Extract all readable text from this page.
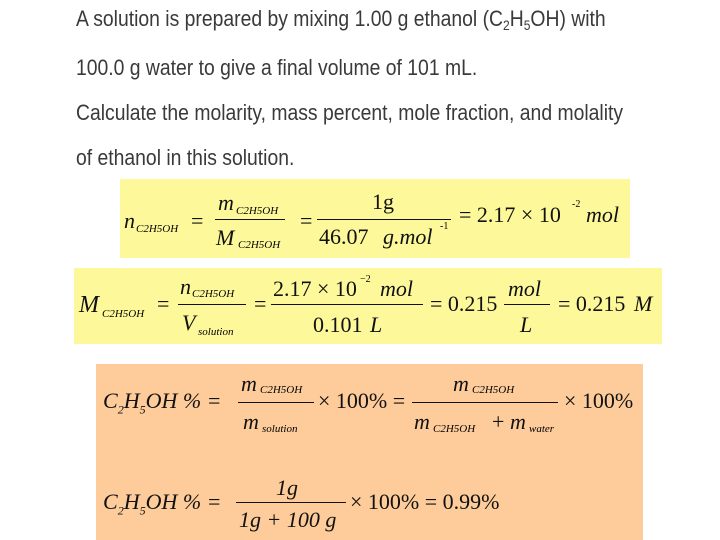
A solution is prepared by mixing 1.00 g ethanol $(C_2H_5OH)$ with
100.0 g water to give a final volume of 101 mL.
Calculate the molarity, mass percent, mole fraction, and molality
of ethanol in this solution.
n C2H5OH =
m C2H5OH
M C2H5OH
=
1g
46.07 g.mol -1 = 2.17 × 10 -2 mol
M C2H5OH =
n C2H5OH
V solution
=
2.17 × 10 −2 mol
0.101 L
= 0.215
mol
L
= 0.215 M
$C_2H_5OH$ % =
m C2H5OH
m solution
× 100% =
m C2H5OH
m C2H5OH + m water
× 100%
$C_2H_5OH$ % =
1g
1g + 100 g
× 100% = 0.99%
